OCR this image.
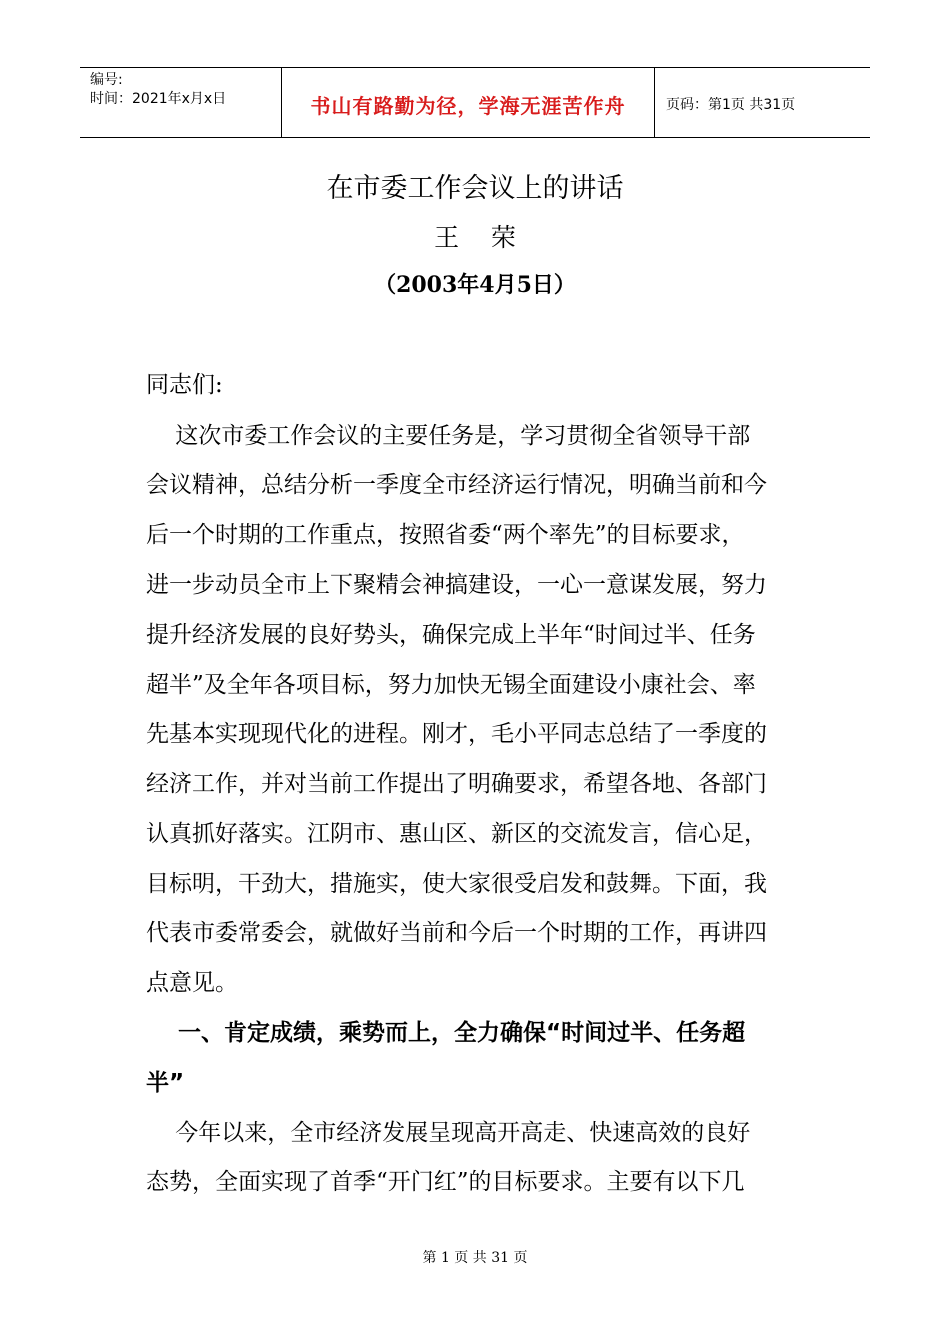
编号:
时间：2021年x月x日	书山有路勤为径，学海无涯苦作舟	页码：第1页 共31页
在市委工作会议上的讲话
王    荣
（2003年4月5日）
同志们:
这次市委工作会议的主要任务是，学习贯彻全省领导干部
会议精神，总结分析一季度全市经济运行情况，明确当前和今
后一个时期的工作重点，按照省委“两个率先”的目标要求，
进一步动员全市上下聚精会神搞建设，一心一意谋发展，努力
提升经济发展的良好势头，确保完成上半年“时间过半、任务
超半”及全年各项目标，努力加快无锡全面建设小康社会、率
先基本实现现代化的进程。刚才，毛小平同志总结了一季度的
经济工作，并对当前工作提出了明确要求，希望各地、各部门
认真抓好落实。江阴市、惠山区、新区的交流发言，信心足，
目标明，干劲大，措施实，使大家很受启发和鼓舞。下面，我
代表市委常委会，就做好当前和今后一个时期的工作，再讲四
点意见。
一、肯定成绩，乘势而上，全力确保“时间过半、任务超
半”
今年以来，全市经济发展呈现高开高走、快速高效的良好
态势，全面实现了首季“开门红”的目标要求。主要有以下几
第 1 页 共 31 页
